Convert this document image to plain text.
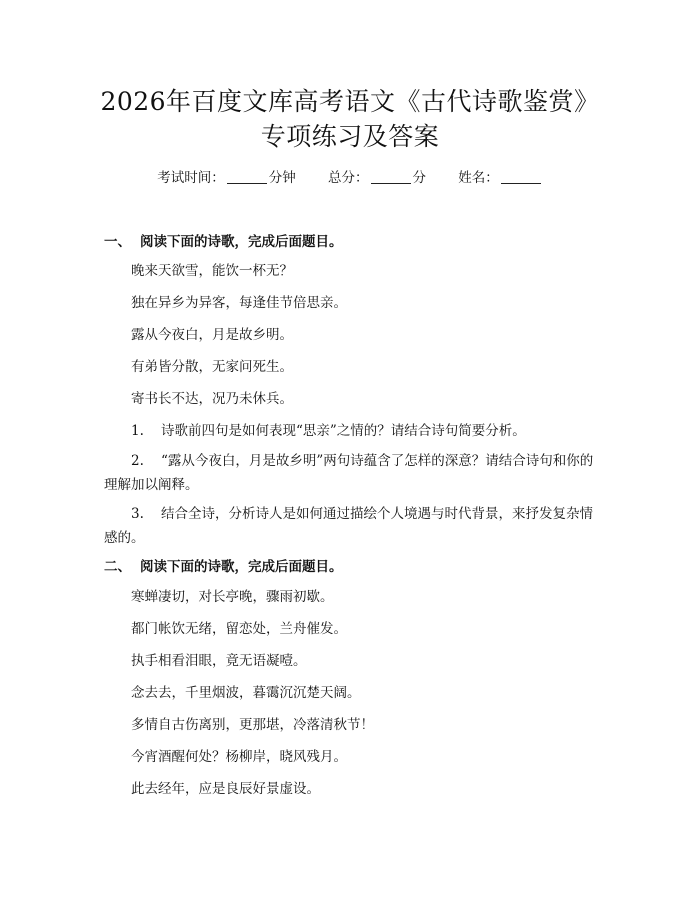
2026年百度文库高考语文《古代诗歌鉴赏》
专项练习及答案
考试时间：	分钟 总分：	分 姓名：
一、 阅读下面的诗歌，完成后面题目。
晚来天欲雪，能饮一杯无？
独在异乡为异客，每逢佳节倍思亲。
露从今夜白，月是故乡明。
有弟皆分散，无家问死生。
寄书长不达，况乃未休兵。
1. 诗歌前四句是如何表现“思亲”之情的？请结合诗句简要分析。
2. “露从今夜白，月是故乡明”两句诗蕴含了怎样的深意？请结合诗句和你的理解加以阐释。
3. 结合全诗，分析诗人是如何通过描绘个人境遇与时代背景，来抒发复杂情感的。
二、 阅读下面的诗歌，完成后面题目。
寒蝉凄切，对长亭晚，骤雨初歇。
都门帐饮无绪，留恋处，兰舟催发。
执手相看泪眼，竟无语凝噎。
念去去，千里烟波，暮霭沉沉楚天阔。
多情自古伤离别，更那堪，冷落清秋节！
今宵酒醒何处？杨柳岸，晓风残月。
此去经年，应是良辰好景虚设。
